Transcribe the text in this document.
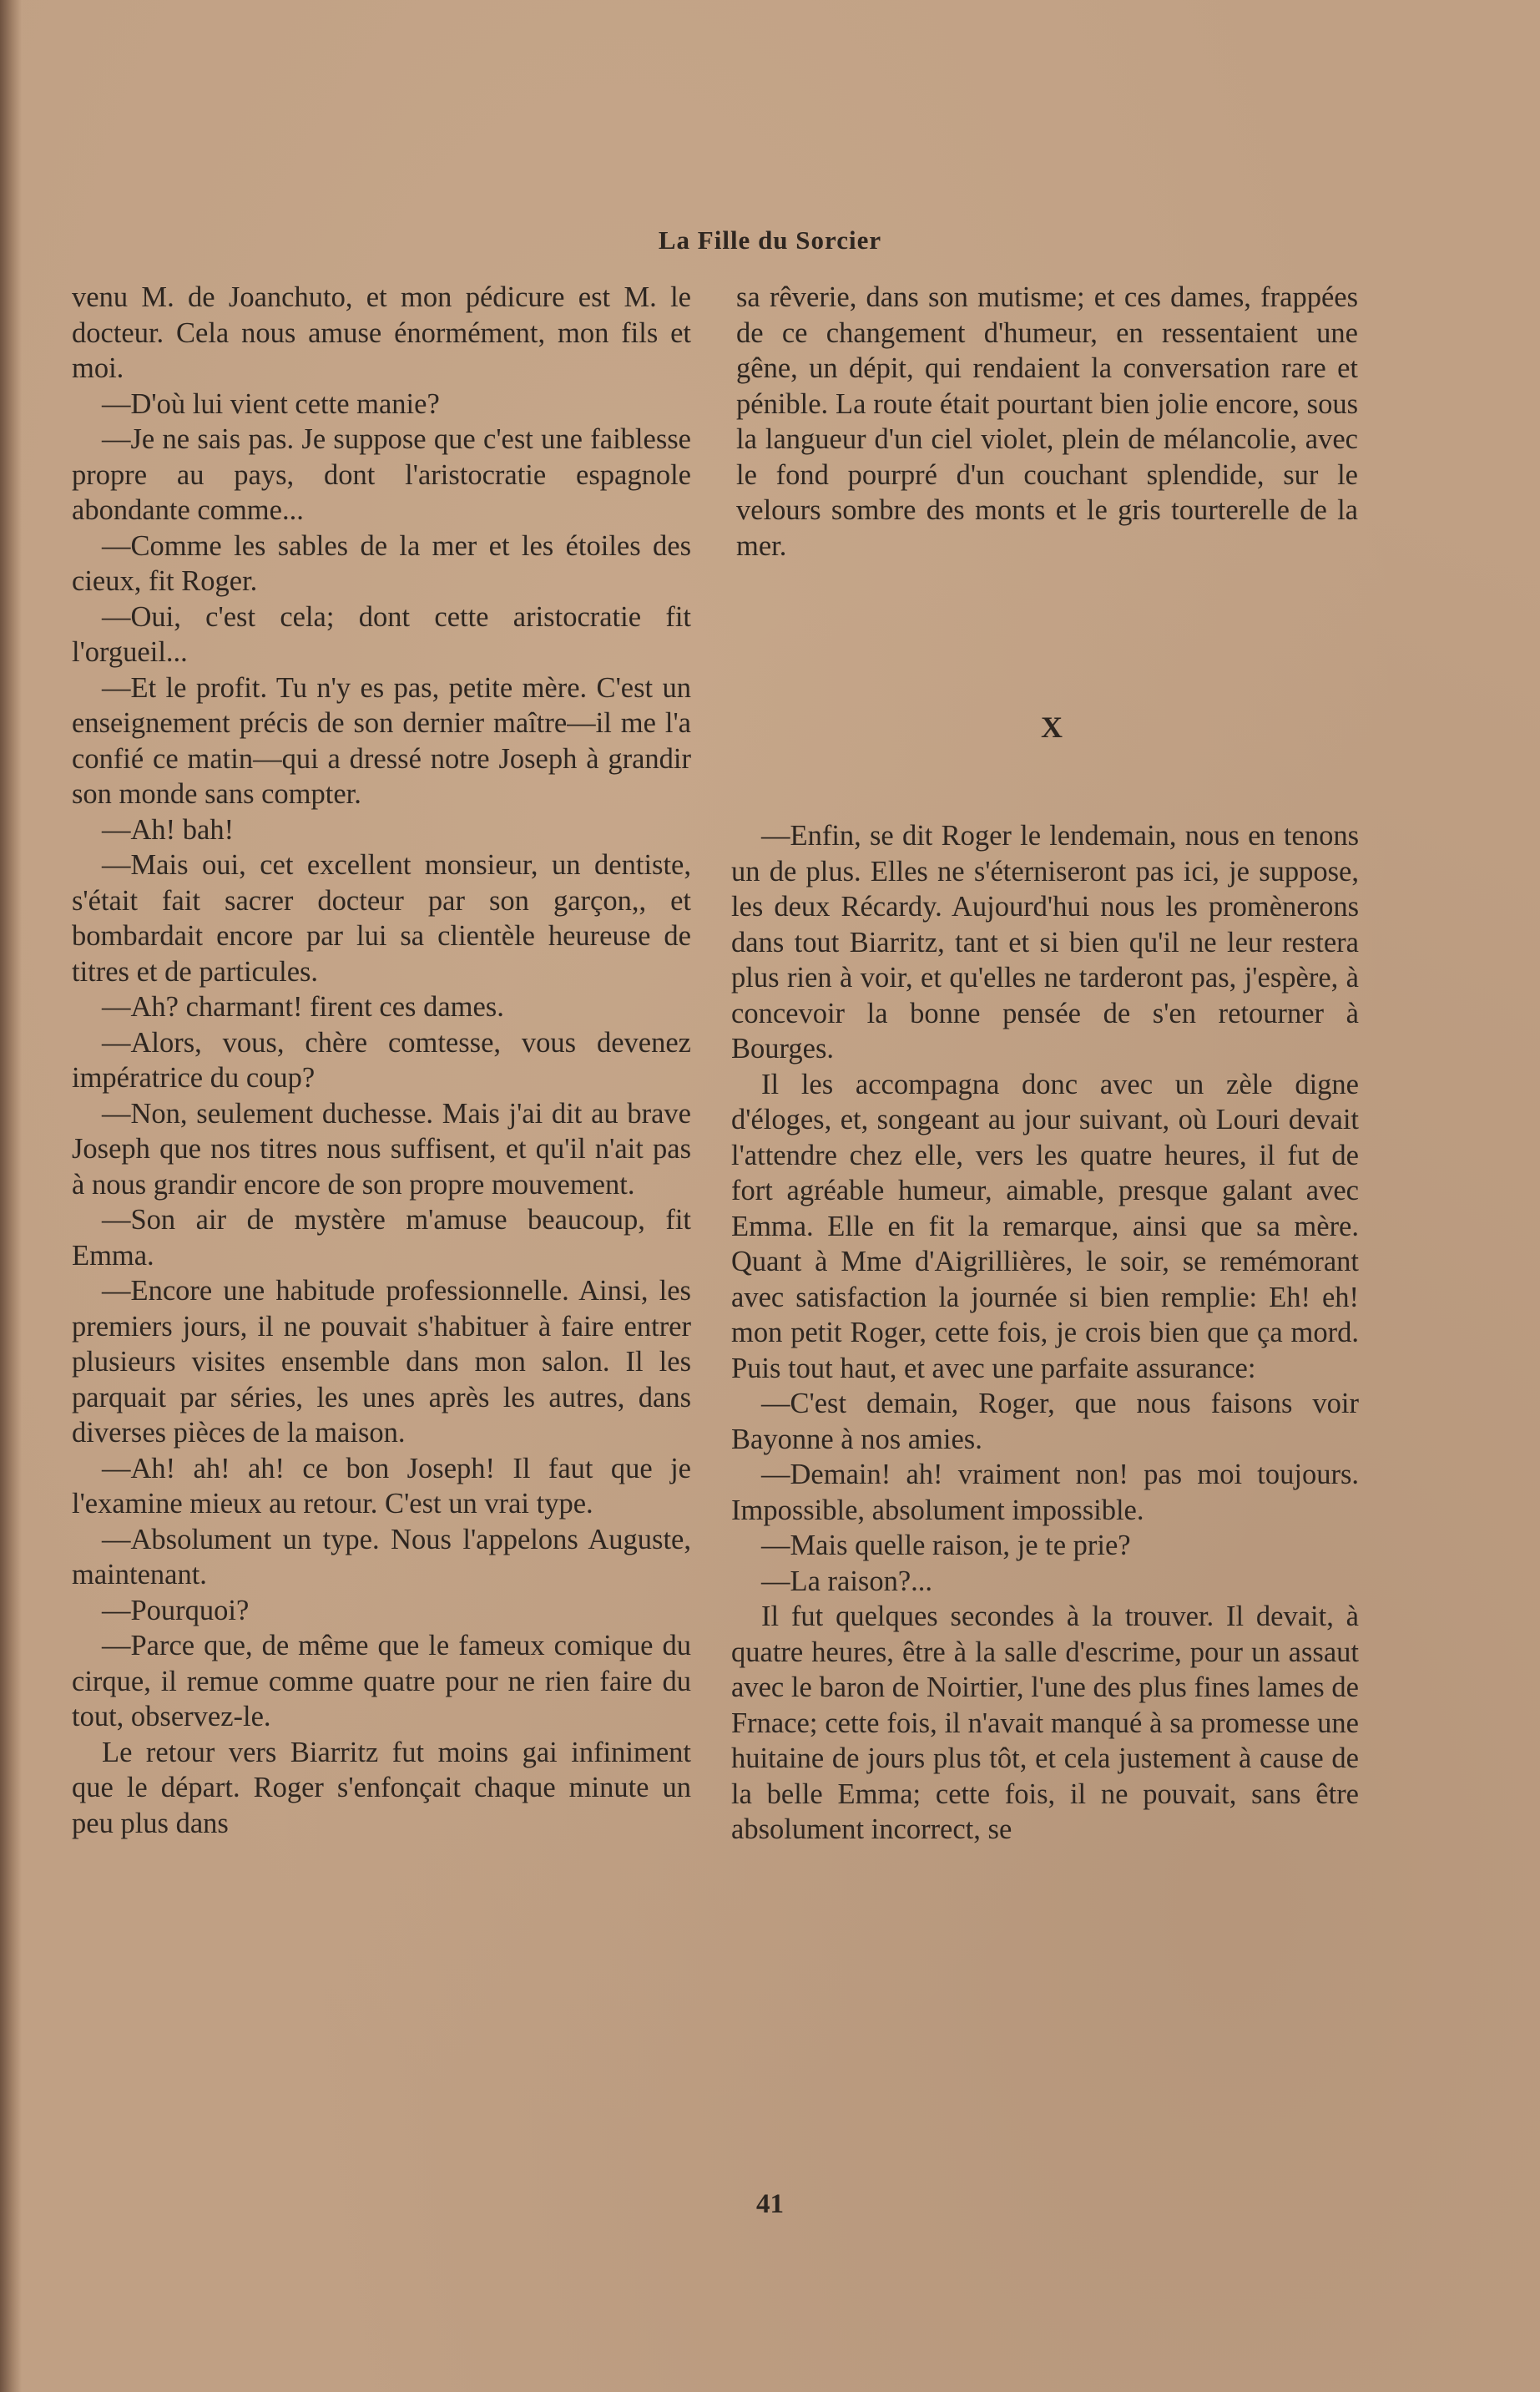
La Fille du Sorcier

venu M. de Joanchuto, et mon pédicure est M. le docteur. Cela nous amuse énormément, mon fils et moi.

—D'où lui vient cette manie?

—Je ne sais pas. Je suppose que c'est une faiblesse propre au pays, dont l'aristocratie espagnole abondante comme...

—Comme les sables de la mer et les étoiles des cieux, fit Roger.

—Oui, c'est cela; dont cette aristocratie fit l'orgueil...

—Et le profit. Tu n'y es pas, petite mère. C'est un enseignement précis de son dernier maître—il me l'a confié ce matin—qui a dressé notre Joseph à grandir son monde sans compter.

—Ah! bah!

—Mais oui, cet excellent monsieur, un dentiste, s'était fait sacrer docteur par son garçon,, et bombardait encore par lui sa clientèle heureuse de titres et de particules.

—Ah? charmant! firent ces dames.

—Alors, vous, chère comtesse, vous devenez impératrice du coup?

—Non, seulement duchesse. Mais j'ai dit au brave Joseph que nos titres nous suffisent, et qu'il n'ait pas à nous grandir encore de son propre mouvement.

—Son air de mystère m'amuse beaucoup, fit Emma.

—Encore une habitude professionnelle. Ainsi, les premiers jours, il ne pouvait s'habituer à faire entrer plusieurs visites ensemble dans mon salon. Il les parquait par séries, les unes après les autres, dans diverses pièces de la maison.

—Ah! ah! ah! ce bon Joseph! Il faut que je l'examine mieux au retour. C'est un vrai type.

—Absolument un type. Nous l'appelons Auguste, maintenant.

—Pourquoi?

—Parce que, de même que le fameux comique du cirque, il remue comme quatre pour ne rien faire du tout, observez-le.

Le retour vers Biarritz fut moins gai infiniment que le départ. Roger s'enfonçait chaque minute un peu plus dans

sa rêverie, dans son mutisme; et ces dames, frappées de ce changement d'humeur, en ressentaient une gêne, un dépit, qui rendaient la conversation rare et pénible. La route était pourtant bien jolie encore, sous la langueur d'un ciel violet, plein de mélancolie, avec le fond pourpré d'un couchant splendide, sur le velours sombre des monts et le gris tourterelle de la mer.

X

—Enfin, se dit Roger le lendemain, nous en tenons un de plus. Elles ne s'éterniseront pas ici, je suppose, les deux Récardy. Aujourd'hui nous les promènerons dans tout Biarritz, tant et si bien qu'il ne leur restera plus rien à voir, et qu'elles ne tarderont pas, j'espère, à concevoir la bonne pensée de s'en retourner à Bourges.

Il les accompagna donc avec un zèle digne d'éloges, et, songeant au jour suivant, où Louri devait l'attendre chez elle, vers les quatre heures, il fut de fort agréable humeur, aimable, presque galant avec Emma. Elle en fit la remarque, ainsi que sa mère. Quant à Mme d'Aigrillières, le soir, se remémorant avec satisfaction la journée si bien remplie: Eh! eh! mon petit Roger, cette fois, je crois bien que ça mord. Puis tout haut, et avec une parfaite assurance:

—C'est demain, Roger, que nous faisons voir Bayonne à nos amies.

—Demain! ah! vraiment non! pas moi toujours. Impossible, absolument impossible.

—Mais quelle raison, je te prie?

—La raison?...

Il fut quelques secondes à la trouver. Il devait, à quatre heures, être à la salle d'escrime, pour un assaut avec le baron de Noirtier, l'une des plus fines lames de Frnace; cette fois, il n'avait manqué à sa promesse une huitaine de jours plus tôt, et cela justement à cause de la belle Emma; cette fois, il ne pouvait, sans être absolument incorrect, se

41
